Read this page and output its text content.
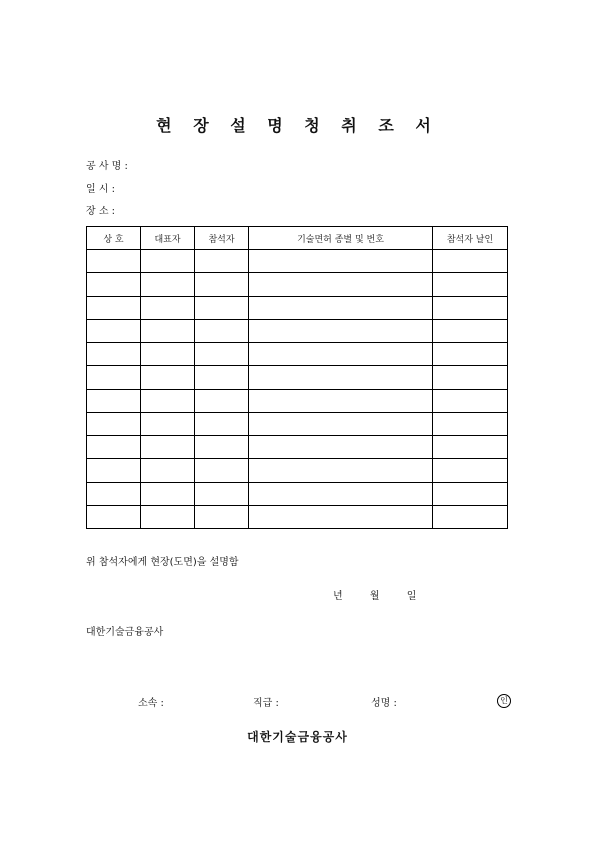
현 장 설 명 청 취 조 서
공 사 명 :
일 시 :
장 소 :
상 호	대표자	참석자	기술면허 종별 및 번호	참석자 날인

위 참석자에게 현장(도면)을 설명함
년	월	일
대한기술금융공사
소속 :	직급 :	성명 :	인
대한기술금융공사
